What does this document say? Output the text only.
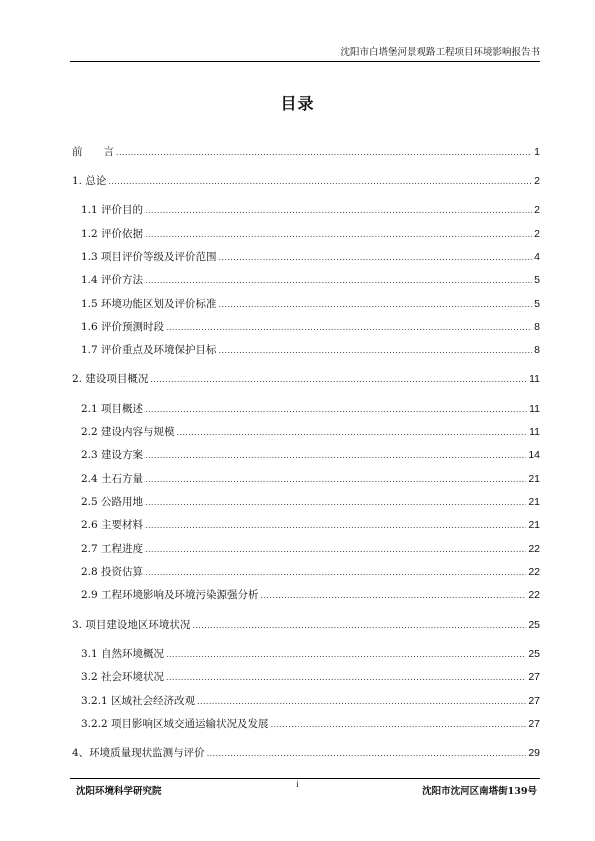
沈阳市白塔堡河景观路工程项目环境影响报告书
目录
前　　言 .....	1
1. 总论 .....	2
1.1 评价目的 .....	2
1.2 评价依据 .....	2
1.3 项目评价等级及评价范围 .....	4
1.4 评价方法 .....	5
1.5 环境功能区划及评价标准 .....	5
1.6 评价预测时段 .....	8
1.7 评价重点及环境保护目标 .....	8
2. 建设项目概况 .....	11
2.1 项目概述 .....	11
2.2 建设内容与规模 .....	11
2.3 建设方案 .....	14
2.4 土石方量 .....	21
2.5 公路用地 .....	21
2.6 主要材料 .....	21
2.7 工程进度 .....	22
2.8 投资估算 .....	22
2.9 工程环境影响及环境污染源强分析 .....	22
3. 项目建设地区环境状况 .....	25
3.1 自然环境概况 .....	25
3.2 社会环境状况 .....	27
3.2.1 区域社会经济改观 .....	27
3.2.2 项目影响区域交通运输状况及发展 .....	27
4、环境质量现状监测与评价 .....	29
沈阳环境科学研究院
i
沈阳市沈河区南塔街139号
